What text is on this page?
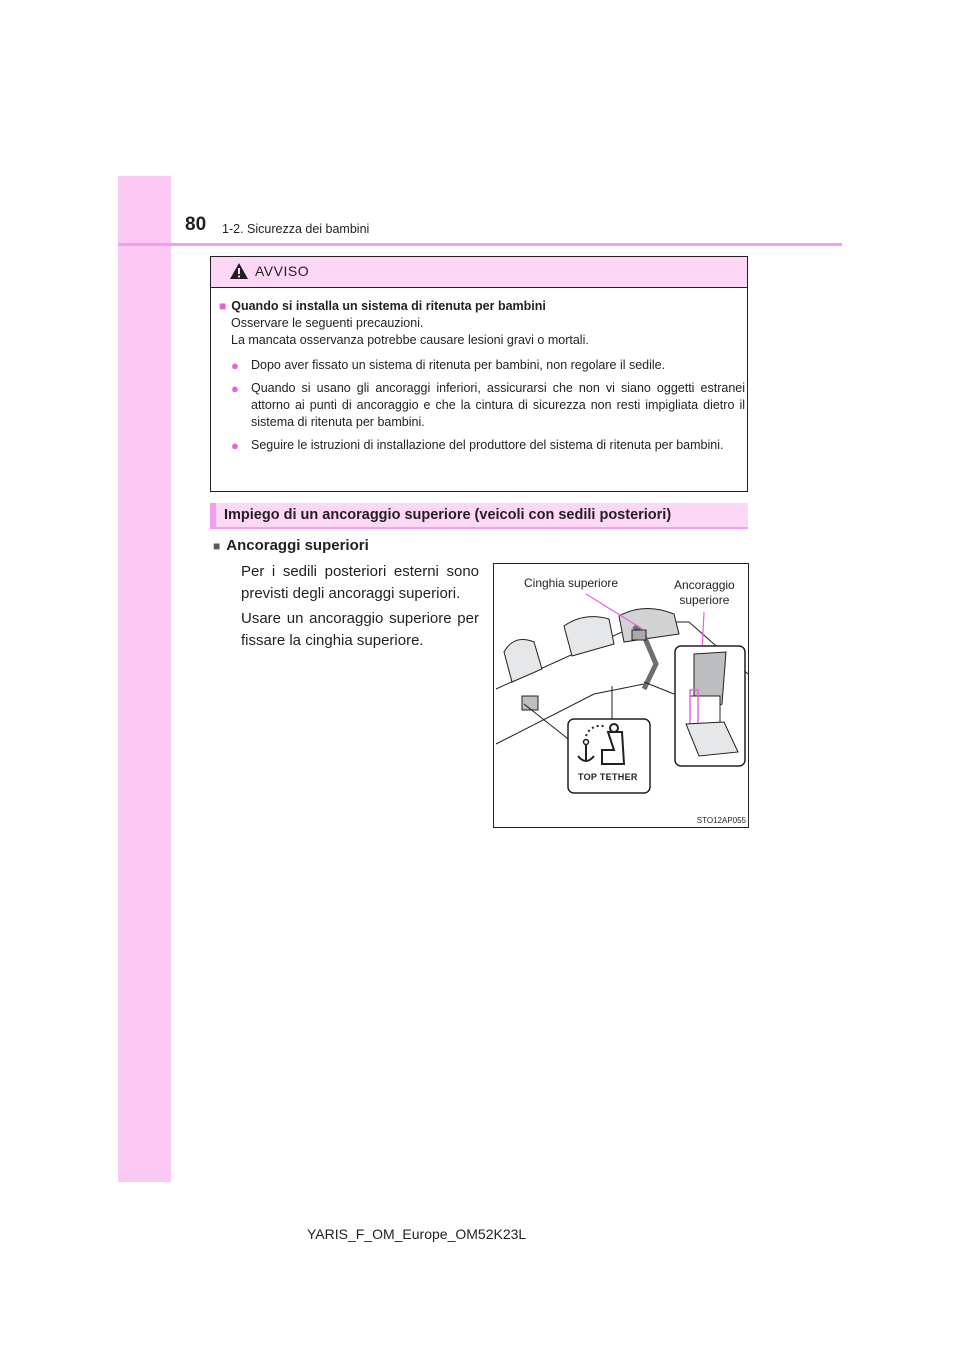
80 1-2. Sicurezza dei bambini
AVVISO

■ Quando si installa un sistema di ritenuta per bambini

Osservare le seguenti precauzioni.

La mancata osservanza potrebbe causare lesioni gravi o mortali.

● Dopo aver fissato un sistema di ritenuta per bambini, non regolare il sedile.
● Quando si usano gli ancoraggi inferiori, assicurarsi che non vi siano oggetti estranei attorno ai punti di ancoraggio e che la cintura di sicurezza non resti impigliata dietro il sistema di ritenuta per bambini.
● Seguire le istruzioni di installazione del produttore del sistema di ritenuta per bambini.
Impiego di un ancoraggio superiore (veicoli con sedili posteriori)
■ Ancoraggi superiori
Per i sedili posteriori esterni sono previsti degli ancoraggi superiori.
Usare un ancoraggio superiore per fissare la cinghia superiore.
Cinghia superiore	Ancoraggio
superiore
TOP TETHER
STO12AP055
YARIS_F_OM_Europe_OM52K23L
